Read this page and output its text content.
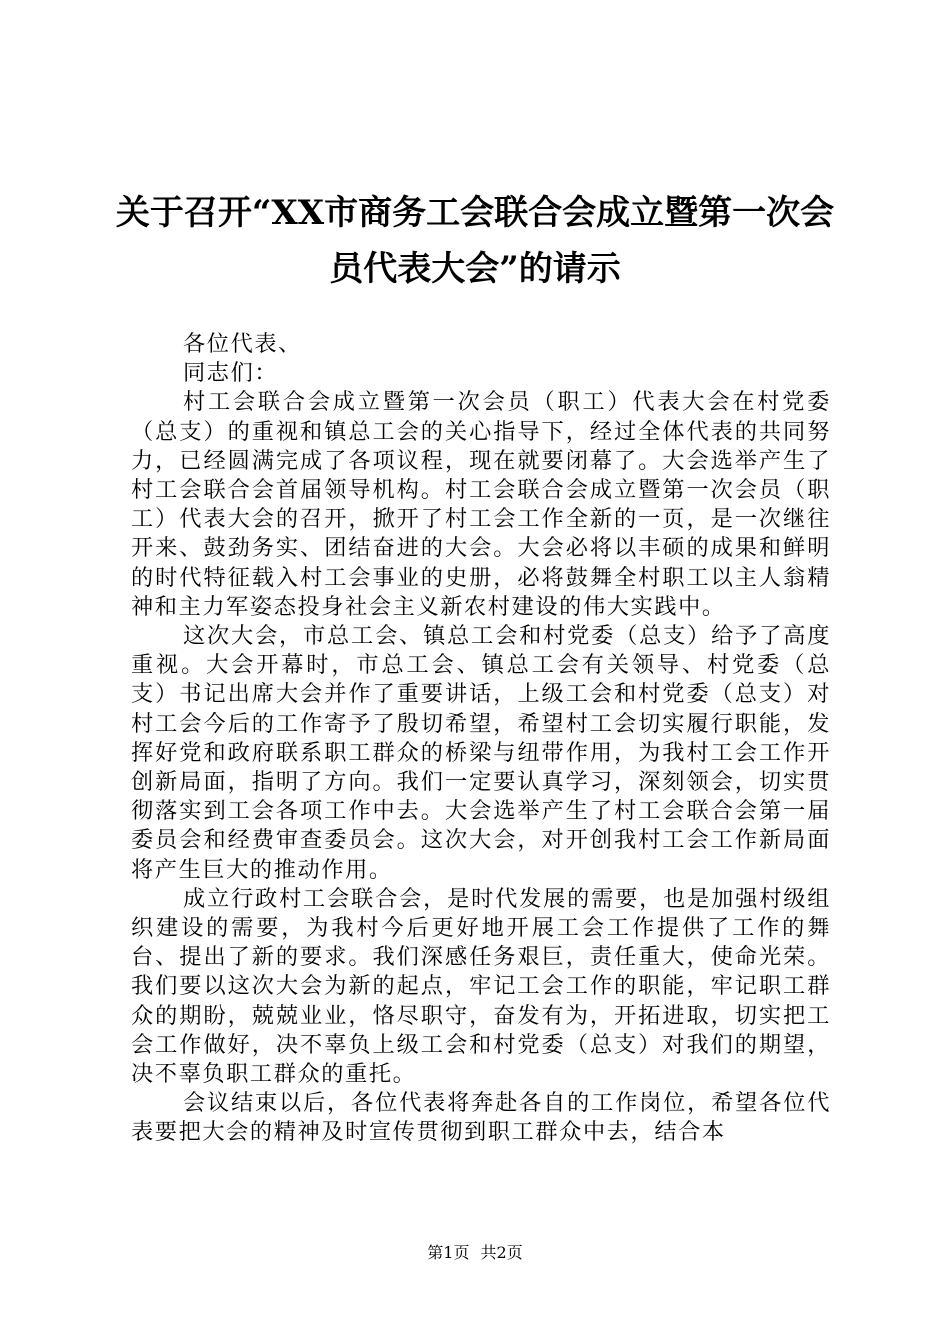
关于召开“XX市商务工会联合会成立暨第一次会员代表大会”的请示

各位代表、

同志们：

村工会联合会成立暨第一次会员（职工）代表大会在村党委（总支）的重视和镇总工会的关心指导下，经过全体代表的共同努力，已经圆满完成了各项议程，现在就要闭幕了。大会选举产生了村工会联合会首届领导机构。村工会联合会成立暨第一次会员（职工）代表大会的召开，掀开了村工会工作全新的一页，是一次继往开来、鼓劲务实、团结奋进的大会。大会必将以丰硕的成果和鲜明的时代特征载入村工会事业的史册，必将鼓舞全村职工以主人翁精神和主力军姿态投身社会主义新农村建设的伟大实践中。

这次大会，市总工会、镇总工会和村党委（总支）给予了高度重视。大会开幕时，市总工会、镇总工会有关领导、村党委（总支）书记出席大会并作了重要讲话，上级工会和村党委（总支）对村工会今后的工作寄予了殷切希望，希望村工会切实履行职能，发挥好党和政府联系职工群众的桥梁与纽带作用，为我村工会工作开创新局面，指明了方向。我们一定要认真学习，深刻领会，切实贯彻落实到工会各项工作中去。大会选举产生了村工会联合会第一届委员会和经费审查委员会。这次大会，对开创我村工会工作新局面将产生巨大的推动作用。

成立行政村工会联合会，是时代发展的需要，也是加强村级组织建设的需要，为我村今后更好地开展工会工作提供了工作的舞台、提出了新的要求。我们深感任务艰巨，责任重大，使命光荣。我们要以这次大会为新的起点，牢记工会工作的职能，牢记职工群众的期盼，兢兢业业，恪尽职守，奋发有为，开拓进取，切实把工会工作做好，决不辜负上级工会和村党委（总支）对我们的期望，决不辜负职工群众的重托。

会议结束以后，各位代表将奔赴各自的工作岗位，希望各位代表要把大会的精神及时宣传贯彻到职工群众中去，结合本

第1页 共2页
